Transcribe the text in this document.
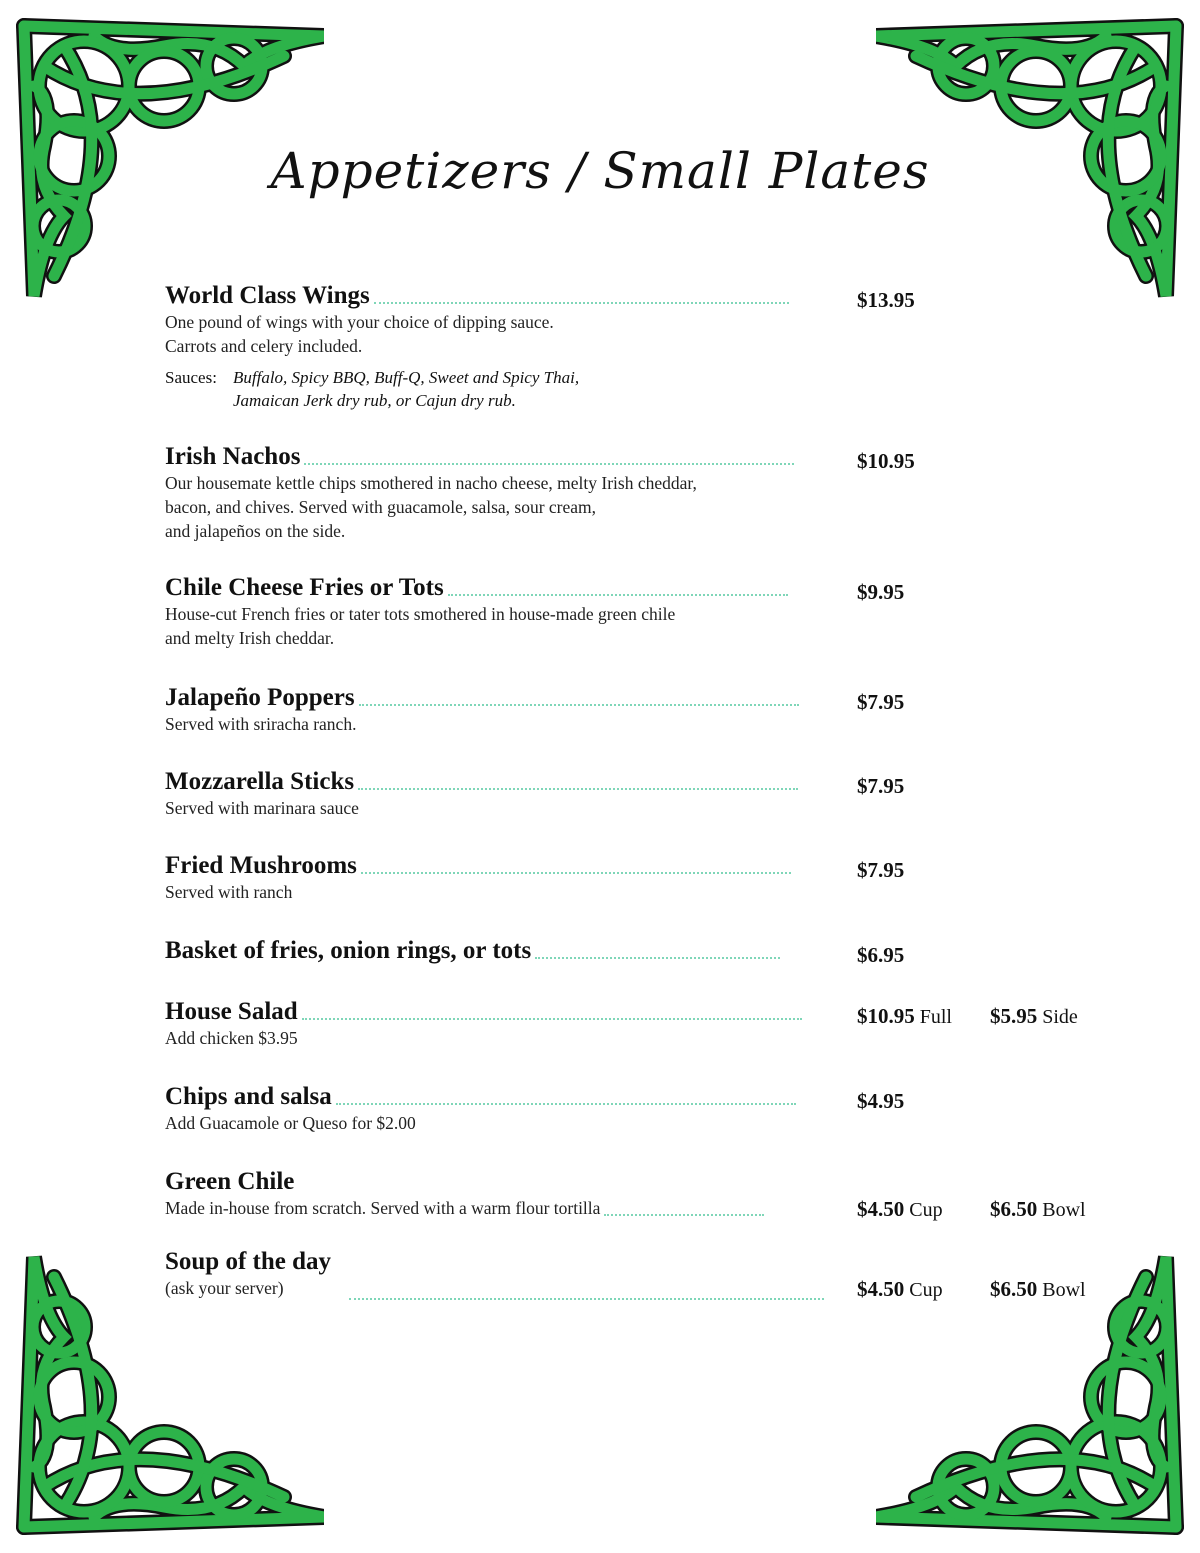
Appetizers / Small Plates
World Class Wings	$13.95
One pound of wings with your choice of dipping sauce.
Carrots and celery included.
Sauces: Buffalo, Spicy BBQ, Buff-Q, Sweet and Spicy Thai,
Jamaican Jerk dry rub, or Cajun dry rub.
Irish Nachos	$10.95
Our housemate kettle chips smothered in nacho cheese, melty Irish cheddar,
bacon, and chives. Served with guacamole, salsa, sour cream,
and jalapeños on the side.
Chile Cheese Fries or Tots	$9.95
House-cut French fries or tater tots smothered in house-made green chile
and melty Irish cheddar.
Jalapeño Poppers	$7.95
Served with sriracha ranch.
Mozzarella Sticks	$7.95
Served with marinara sauce
Fried Mushrooms	$7.95
Served with ranch
Basket of fries, onion rings, or tots	$6.95
House Salad	$10.95 Full $5.95 Side
Add chicken $3.95
Chips and salsa	$4.95
Add Guacamole or Queso for $2.00
Green Chile
Made in-house from scratch. Served with a warm flour tortilla	$4.50 Cup $6.50 Bowl
Soup of the day
(ask your server)	$4.50 Cup $6.50 Bowl
